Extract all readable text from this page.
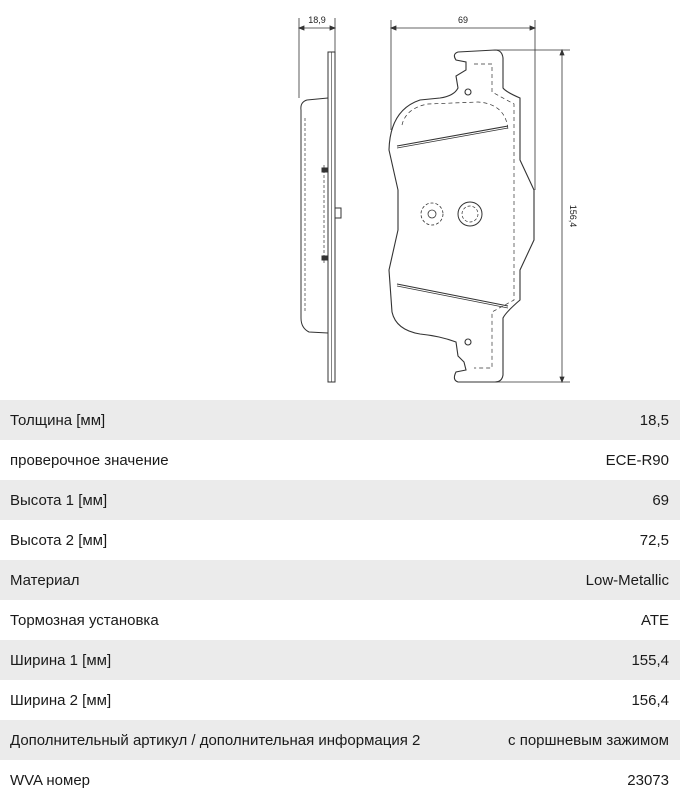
18,9	69
156,4
Толщина [мм]	18,5
проверочное значение	ECE-R90
Высота 1 [мм]	69
Высота 2 [мм]	72,5
Материал	Low-Metallic
Тормозная установка	ATE
Ширина 1 [мм]	155,4
Ширина 2 [мм]	156,4
Дополнительный артикул / дополнительная информация 2	с поршневым зажимом
WVA номер	23073
